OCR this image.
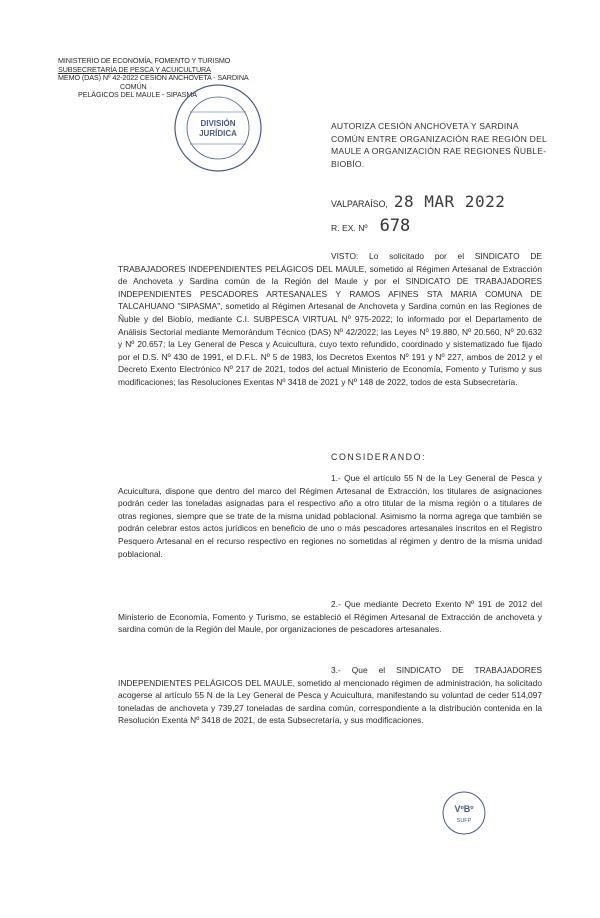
MINISTERIO DE ECONOMÍA, FOMENTO Y TURISMO
SUBSECRETARÍA DE PESCA Y ACUICULTURA
MEMO (DAS) Nº 42-2022 CESIÓN ANCHOVETA - SARDINA
COMÚN
PELÁGICOS DEL MAULE - SIPASMA
DIVISIÓN
JURÍDICA
AUTORIZA CESIÓN ANCHOVETA Y SARDINA COMÚN ENTRE ORGANIZACIÓN RAE REGIÓN DEL MAULE A ORGANIZACIÓN RAE REGIONES ÑUBLE-BIOBÍO.
VALPARAÍSO, 28 MAR 2022
R. EX. Nº 678
VISTO: Lo solicitado por el SINDICATO DE TRABAJADORES INDEPENDIENTES PELÁGICOS DEL MAULE, sometido al Régimen Artesanal de Extracción de Anchoveta y Sardina común de la Región del Maule y por el SINDICATO DE TRABAJADORES INDEPENDIENTES PESCADORES ARTESANALES Y RAMOS AFINES STA MARIA COMUNA DE TALCAHUANO "SIPASMA", sometido al Régimen Artesanal de Anchoveta y Sardina común en las Regiones de Ñuble y del Biobío, mediante C.I. SUBPESCA VIRTUAL Nº 975-2022; lo informado por el Departamento de Análisis Sectorial mediante Memorándum Técnico (DAS) Nº 42/2022; las Leyes Nº 19.880, Nº 20.560, Nº 20.632 y Nº 20.657; la Ley General de Pesca y Acuicultura, cuyo texto refundido, coordinado y sistematizado fue fijado por el D.S. Nº 430 de 1991, el D.F.L. Nº 5 de 1983, los Decretos Exentos Nº 191 y Nº 227, ambos de 2012 y el Decreto Exento Electrónico Nº 217 de 2021, todos del actual Ministerio de Economía, Fomento y Turismo y sus modificaciones; las Resoluciones Exentas Nº 3418 de 2021 y Nº 148 de 2022, todos de esta Subsecretaría.
CONSIDERANDO:
1.- Que el artículo 55 N de la Ley General de Pesca y Acuicultura, dispone que dentro del marco del Régimen Artesanal de Extracción, los titulares de asignaciones podrán ceder las toneladas asignadas para el respectivo año a otro titular de la misma región o a titulares de otras regiones, siempre que se trate de la misma unidad poblacional. Asimismo la norma agrega que también se podrán celebrar estos actos jurídicos en beneficio de uno o más pescadores artesanales inscritos en el Registro Pesquero Artesanal en el recurso respectivo en regiones no sometidas al régimen y dentro de la misma unidad poblacional.
2.- Que mediante Decreto Exento Nº 191 de 2012 del Ministerio de Economía, Fomento y Turismo, se estableció el Régimen Artesanal de Extracción de anchoveta y sardina común de la Región del Maule, por organizaciones de pescadores artesanales.
3.- Que el SINDICATO DE TRABAJADORES INDEPENDIENTES PELÁGICOS DEL MAULE, sometido al mencionado régimen de administración, ha solicitado acogerse al artículo 55 N de la Ley General de Pesca y Acuicultura, manifestando su voluntad de ceder 514,097 toneladas de anchoveta y 739,27 toneladas de sardina común, correspondiente a la distribución contenida en la Resolución Exenta Nº 3418 de 2021, de esta Subsecretaría, y sus modificaciones.
VºBº
SUFP
